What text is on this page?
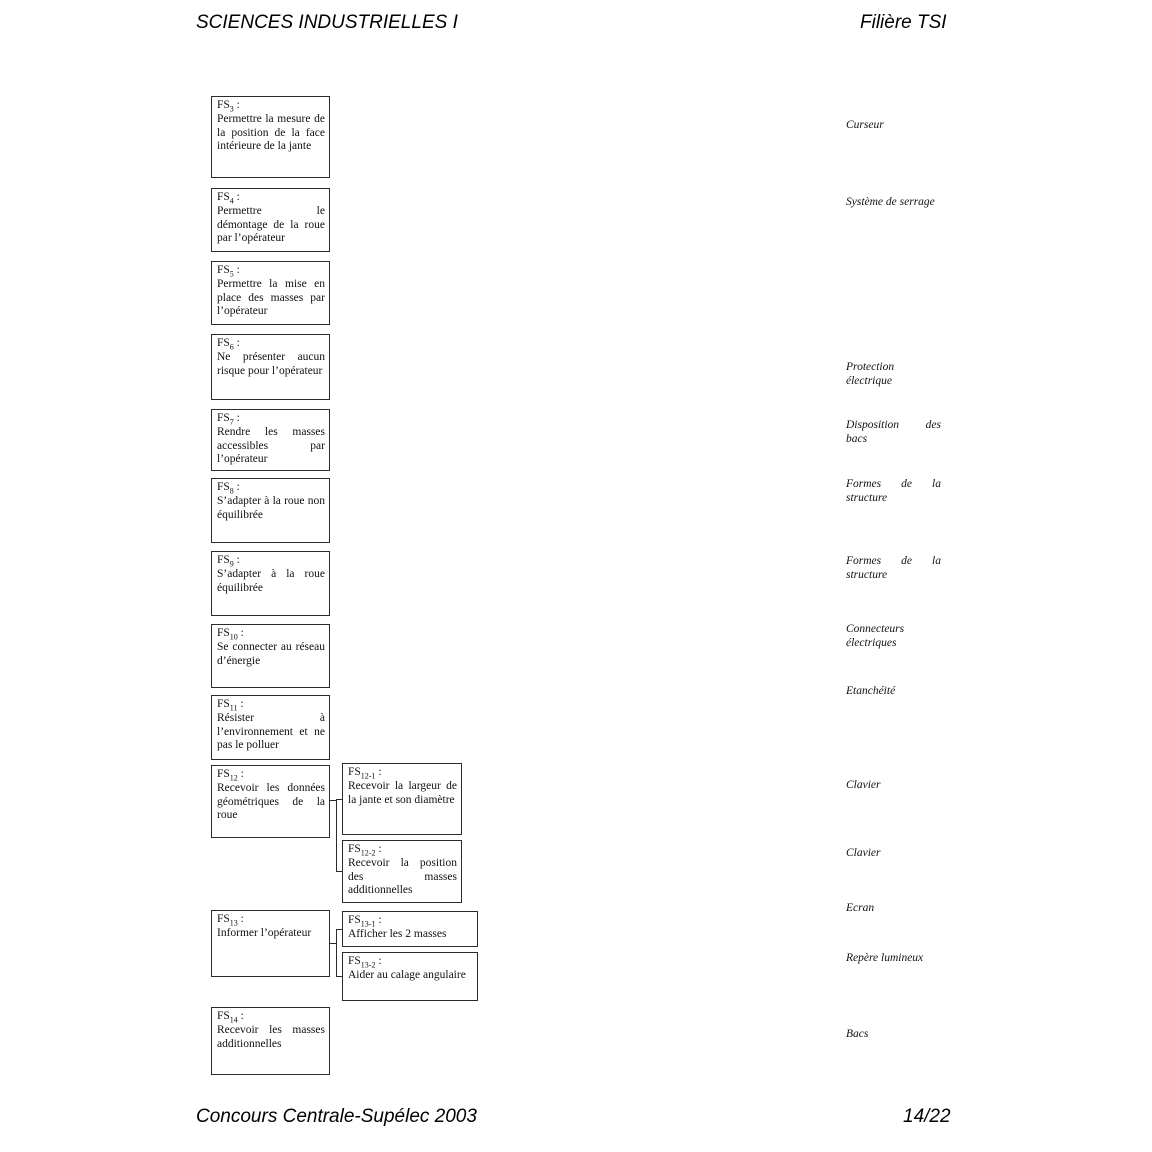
SCIENCES INDUSTRIELLES I	Filière TSI
$FS_3$ :
Permettre la mesure de la position de la face intérieure de la jante
$FS_4$ :
Permettre le démontage de la roue par l’opérateur
$FS_5$ :
Permettre la mise en place des masses par l’opérateur
$FS_6$ :
Ne présenter aucun risque pour l’opérateur
$FS_7$ :
Rendre les masses accessibles par l’opérateur
$FS_8$ :
S’adapter à la roue non équilibrée
$FS_9$ :
S’adapter à la roue équilibrée
$FS_{10}$ :
Se connecter au réseau d’énergie
$FS_{11}$ :
Résister à l’environnement et ne pas le polluer
$FS_{12}$ :
Recevoir les données géométriques de la roue
$FS_{12-1}$ :
Recevoir la largeur de la jante et son diamètre
$FS_{12-2}$ :
Recevoir la position des masses additionnelles
$FS_{13}$ :
Informer l’opérateur
$FS_{13-1}$ :
Afficher les 2 masses
$FS_{13-2}$ :
Aider au calage angulaire
$FS_{14}$ :
Recevoir les masses additionnelles
Curseur
Système de serrage
Protection électrique
Disposition des bacs
Formes de la structure
Formes de la structure
Connecteurs électriques
Etanchéité
Clavier
Clavier
Ecran
Repère lumineux
Bacs
Concours Centrale-Supélec 2003	14/22
